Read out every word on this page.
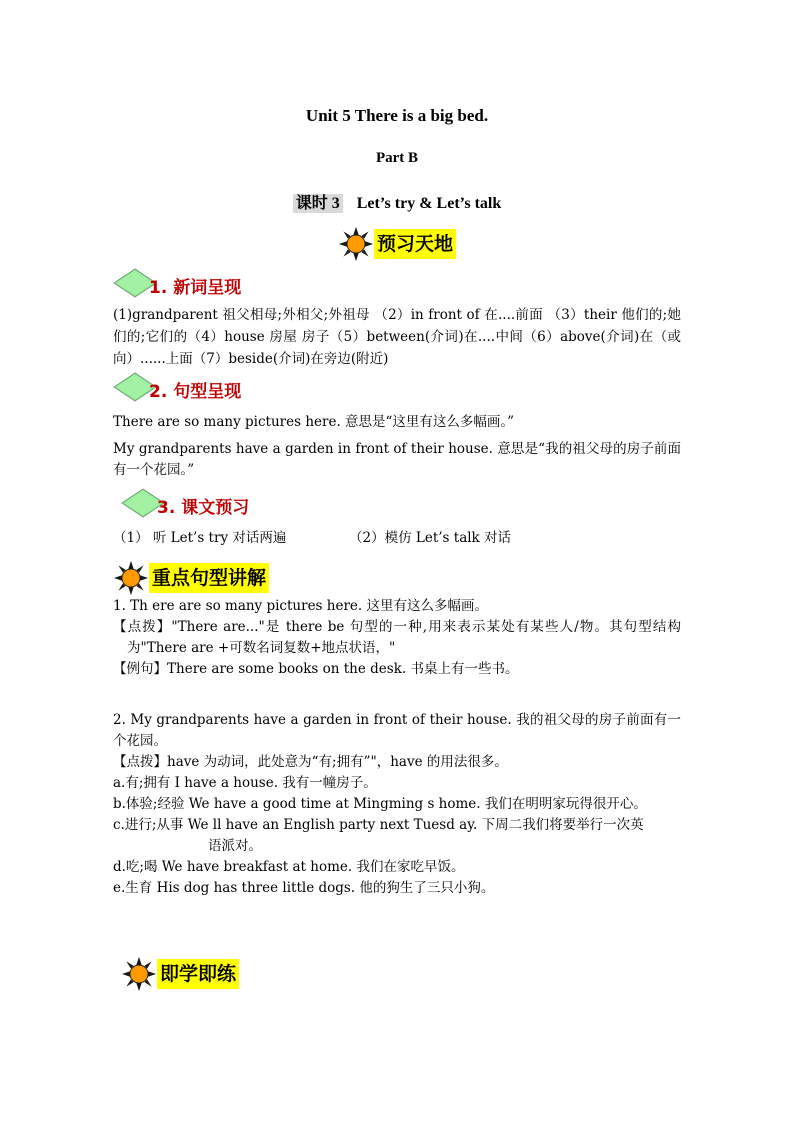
Unit 5 There is a big bed.
Part B
课时 3 Let’s try & Let’s talk
预习天地
1. 新词呈现
(1)grandparent 祖父相母;外相父;外祖母 （2）in front of 在....前面 （3）their 他们的;她们的;它们的（4）house 房屋 房子（5）between(介词)在....中间（6）above(介词)在（或向）......上面（7）beside(介词)在旁边(附近)
2. 句型呈现

There are so many pictures here. 意思是“这里有这么多幅画。”

My grandparents have a garden in front of their house. 意思是“我的祖父母的房子前面有一个花园。”

3. 课文预习
（1） 听 Let’s try 对话两遍	（2）模仿 Let’s talk 对话
重点句型讲解

1. Th ere are so many pictures here. 这里有这么多幅画。

【点拨】"There are..."是 there be 句型的一种,用来表示某处有某些人/物。其句型结构为"There are +可数名词复数+地点状语，"

【例句】There are some books on the desk. 书桌上有一些书。

2. My grandparents have a garden in front of their house. 我的祖父母的房子前面有一个花园。

【点拨】have 为动词，此处意为“有;拥有”"，have 的用法很多。

a.有;拥有 I have a house. 我有一幢房子。

b.体验;经验 We have a good time at Mingming s home. 我们在明明家玩得很开心。

c.进行;从事 We ll have an English party next Tuesd ay. 下周二我们将要举行一次英

语派对。

d.吃;喝 We have breakfast at home. 我们在家吃早饭。

e.生育 His dog has three little dogs. 他的狗生了三只小狗。

即学即练
